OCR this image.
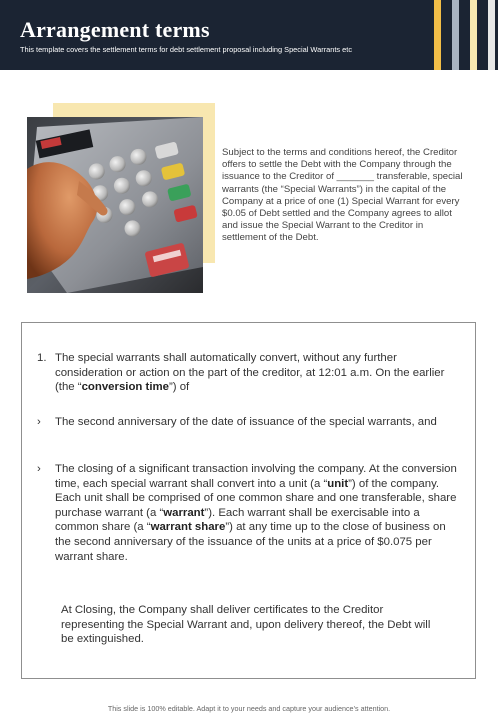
Arrangement terms
This template covers the settlement terms for debt settlement proposal including Special Warrants etc

Subject to the terms and conditions hereof, the Creditor offers to settle the Debt with the Company through the issuance to the Creditor of _______ transferable, special warrants (the “Special Warrants”) in the capital of the Company at a price of one (1) Special Warrant for every $0.05 of Debt settled and the Company agrees to allot and issue the Special Warrant to the Creditor in settlement of the Debt.

1. The special warrants shall automatically convert, without any further consideration or action on the part of the creditor, at 12:01 a.m. On the earlier (the “conversion time”) of
›	The second anniversary of the date of issuance of the special warrants, and
›	The closing of a significant transaction involving the company. At the conversion time, each special warrant shall convert into a unit (a “unit”) of the company. Each unit shall be comprised of one common share and one transferable, share purchase warrant (a “warrant”). Each warrant shall be exercisable into a common share (a “warrant share”) at any time up to the close of business on the second anniversary of the issuance of the units at a price of $0.075 per warrant share.

At Closing, the Company shall deliver certificates to the Creditor representing the Special Warrant and, upon delivery thereof, the Debt will be extinguished.

This slide is 100% editable. Adapt it to your needs and capture your audience’s attention.
